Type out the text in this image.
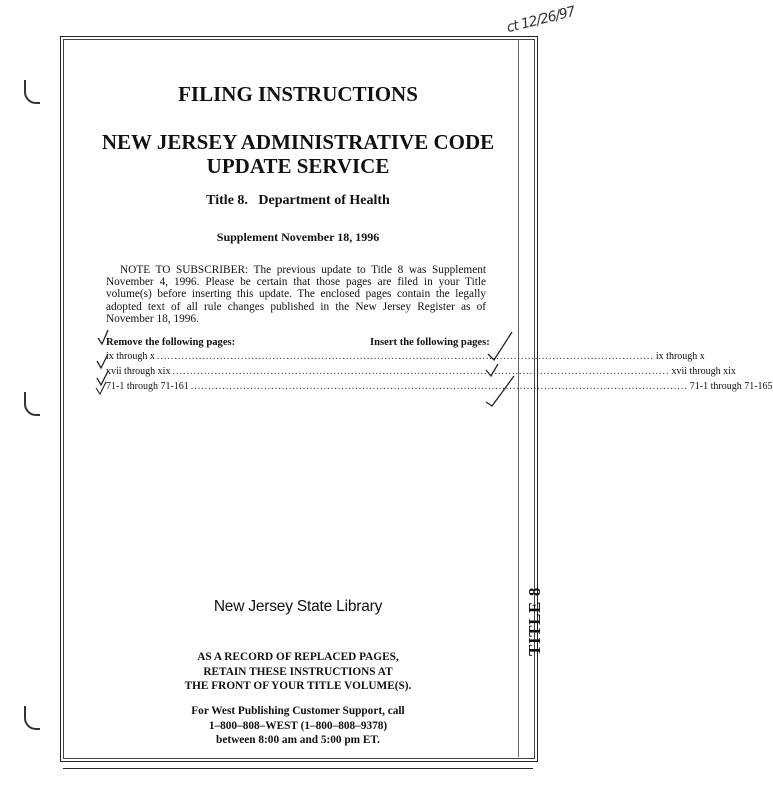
ct 12/26/97
FILING INSTRUCTIONS
NEW JERSEY ADMINISTRATIVE CODE
UPDATE SERVICE
Title 8.   Department of Health
Supplement November 18, 1996
NOTE TO SUBSCRIBER: The previous update to Title 8 was Supplement November 4, 1996. Please be certain that those pages are filed in your Title volume(s) before inserting this update. The enclosed pages contain the legally adopted text of all rule changes published in the New Jersey Register as of November 18, 1996.
Remove the following pages:	Insert the following pages:
ix through x .............................................................................................................................................. ix through x
xvii through xix .............................................................................................................................................. xvii through xix
71-1 through 71-161 .............................................................................................................................................. 71-1 through 71-165
New Jersey State Library
AS A RECORD OF REPLACED PAGES,
RETAIN THESE INSTRUCTIONS AT
THE FRONT OF YOUR TITLE VOLUME(S).
For West Publishing Customer Support, call
1–800–808–WEST (1–800–808–9378)
between 8:00 am and 5:00 pm ET.
TITLE 8
